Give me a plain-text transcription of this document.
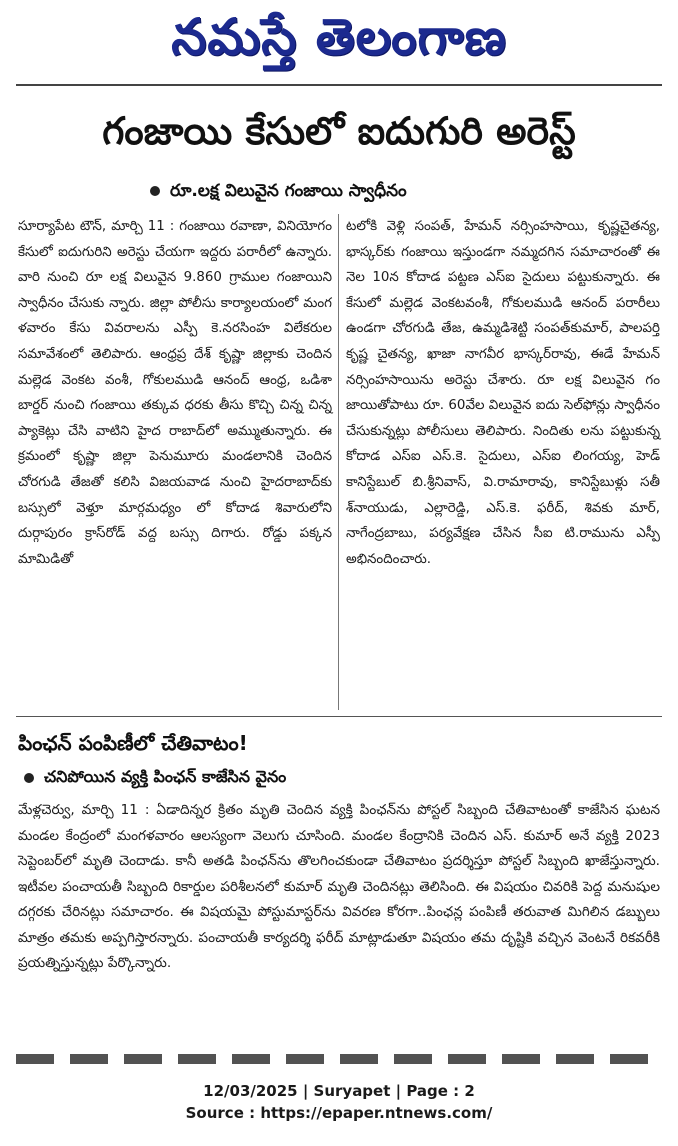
నమస్తే తెలంగాణ
గంజాయి కేసులో ఐదుగురి అరెస్ట్
రూ.లక్ష విలువైన గంజాయి స్వాధీనం

సూర్యాపేట టౌన్, మార్చి 11 : గంజాయి రవాణా, వినియోగం కేసులో ఐదుగురిని అరెస్టు చేయగా ఇద్దరు పరారీలో ఉన్నారు. వారి నుంచి రూ లక్ష విలువైన 9.860 గ్రాముల గంజాయిని స్వాధీనం చేసుకు న్నారు. జిల్లా పోలీసు కార్యాలయంలో మంగ ళవారం కేసు వివరాలను ఎస్పీ కె.నరసింహ విలేకరుల సమావేశంలో తెలిపారు. ఆంధ్రప్ర దేశ్ కృష్ణా జిల్లాకు చెందిన మల్లెడ వెంకట వంశీ, గోకులముడి ఆనంద్ ఆంధ్ర, ఒడిశా బార్డర్ నుంచి గంజాయి తక్కువ ధరకు తీసు కొచ్చి చిన్న చిన్న ప్యాకెట్లు చేసి వాటిని హైద రాబాద్‌లో అమ్ముతున్నారు. ఈ క్రమంలో కృష్ణా జిల్లా పెనుమూరు మండలానికి చెందిన చోరగుడి తేజతో కలిసి విజయవాడ నుంచి హైదరాబాద్‌కు బస్సులో వెళ్తూ మార్గమధ్యం లో కోదాడ శివారులోని దుర్గాపురం క్రాస్‌రోడ్ వద్ద బస్సు దిగారు. రోడ్డు పక్కన మామిడితో

టలోకి వెళ్లి సంపత్, హేమన్ నర్సింహసాయి, కృష్ణచైతన్య, భాస్కర్‌కు గంజాయి ఇస్తుండగా నమ్మదగిన సమాచారంతో ఈ నెల 10న కోదాడ పట్టణ ఎస్ఐ సైదులు పట్టుకున్నారు. ఈ కేసులో మల్లెడ వెంకటవంశీ, గోకులముడి ఆనంద్ పరారీలు ఉండగా చోరగుడి తేజ, ఉమ్మడిశెట్టి సంపత్‌కుమార్, పాలపర్తి కృష్ణ చైతన్య, ఖాజా నాగవీర భాస్కర్‌రావు, ఈడే హేమన్ నర్సింహసాయిను అరెస్టు చేశారు. రూ లక్ష విలువైన గం జాయితోపాటు రూ. 60వేల విలువైన ఐదు సెల్‌ఫోన్లు స్వాధీనం చేసుకున్నట్లు పోలీసులు తెలిపారు. నిందితు లను పట్టుకున్న కోదాడ ఎస్ఐ ఎస్.కె. సైదులు, ఎస్ఐ లింగయ్య, హెడ్ కానిస్టేబుల్ బి.శ్రీనివాస్, వి.రామారావు, కానిస్టేబుళ్లు సతీ శ్‌నాయుడు, ఎల్లారెడ్డి, ఎస్.కె. ఫరీద్, శివకు మార్, నాగేంద్రబాబు, పర్యవేక్షణ చేసిన సీఐ టి.రామును ఎస్పీ అభినందించారు.

పింఛన్ పంపిణీలో చేతివాటం!
చనిపోయిన వ్యక్తి పింఛన్ కాజేసిన వైనం

మేళ్లచెర్వు, మార్చి 11 : ఏడాదిన్నర క్రితం మృతి చెందిన వ్యక్తి పింఛన్‌ను పోస్టల్ సిబ్బంది చేతివాటంతో కాజేసిన ఘటన మండల కేంద్రంలో మంగళవారం ఆలస్యంగా వెలుగు చూసింది. మండల కేంద్రానికి చెందిన ఎస్. కుమార్ అనే వ్యక్తి 2023 సెప్టెంబర్‌లో మృతి చెందాడు. కానీ అతడి పింఛన్‌ను తొలగించకుండా చేతివాటం ప్రదర్శిస్తూ పోస్టల్ సిబ్బంది ఖాజేస్తున్నారు. ఇటీవల పంచాయతీ సిబ్బంది రికార్డుల పరిశీలనలో కుమార్ మృతి చెందినట్లు తెలిసింది. ఈ విషయం చివరికి పెద్ద మనుషుల దగ్గరకు చేరినట్లు సమాచారం. ఈ విషయమై పోస్టుమాస్టర్‌ను వివరణ కోరగా..పింఛన్ల పంపిణీ తరువాత మిగిలిన డబ్బులు మాత్రం తమకు అప్పగిస్తారన్నారు. పంచాయతీ కార్యదర్శి ఫరీద్ మాట్లాడుతూ విషయం తమ దృష్టికి వచ్చిన వెంటనే రికవరీకి ప్రయత్నిస్తున్నట్లు పేర్కొన్నారు.

12/03/2025 | Suryapet | Page : 2
Source : https://epaper.ntnews.com/
